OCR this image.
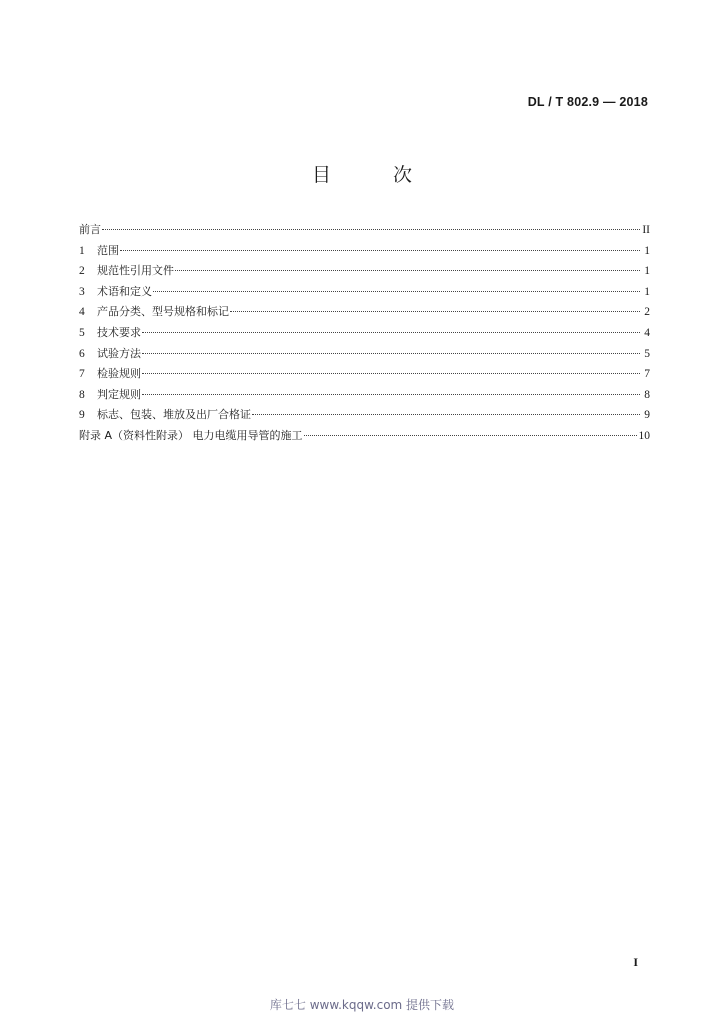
DL / T 802.9 — 2018
目 次
前言	II
1	范围	1
2	规范性引用文件	1
3	术语和定义	1
4	产品分类、型号规格和标记	2
5	技术要求	4
6	试验方法	5
7	检验规则	7
8	判定规则	8
9	标志、包装、堆放及出厂合格证	9
附录 A（资料性附录） 电力电缆用导管的施工	10
I
库七七 www.kqqw.com 提供下载
